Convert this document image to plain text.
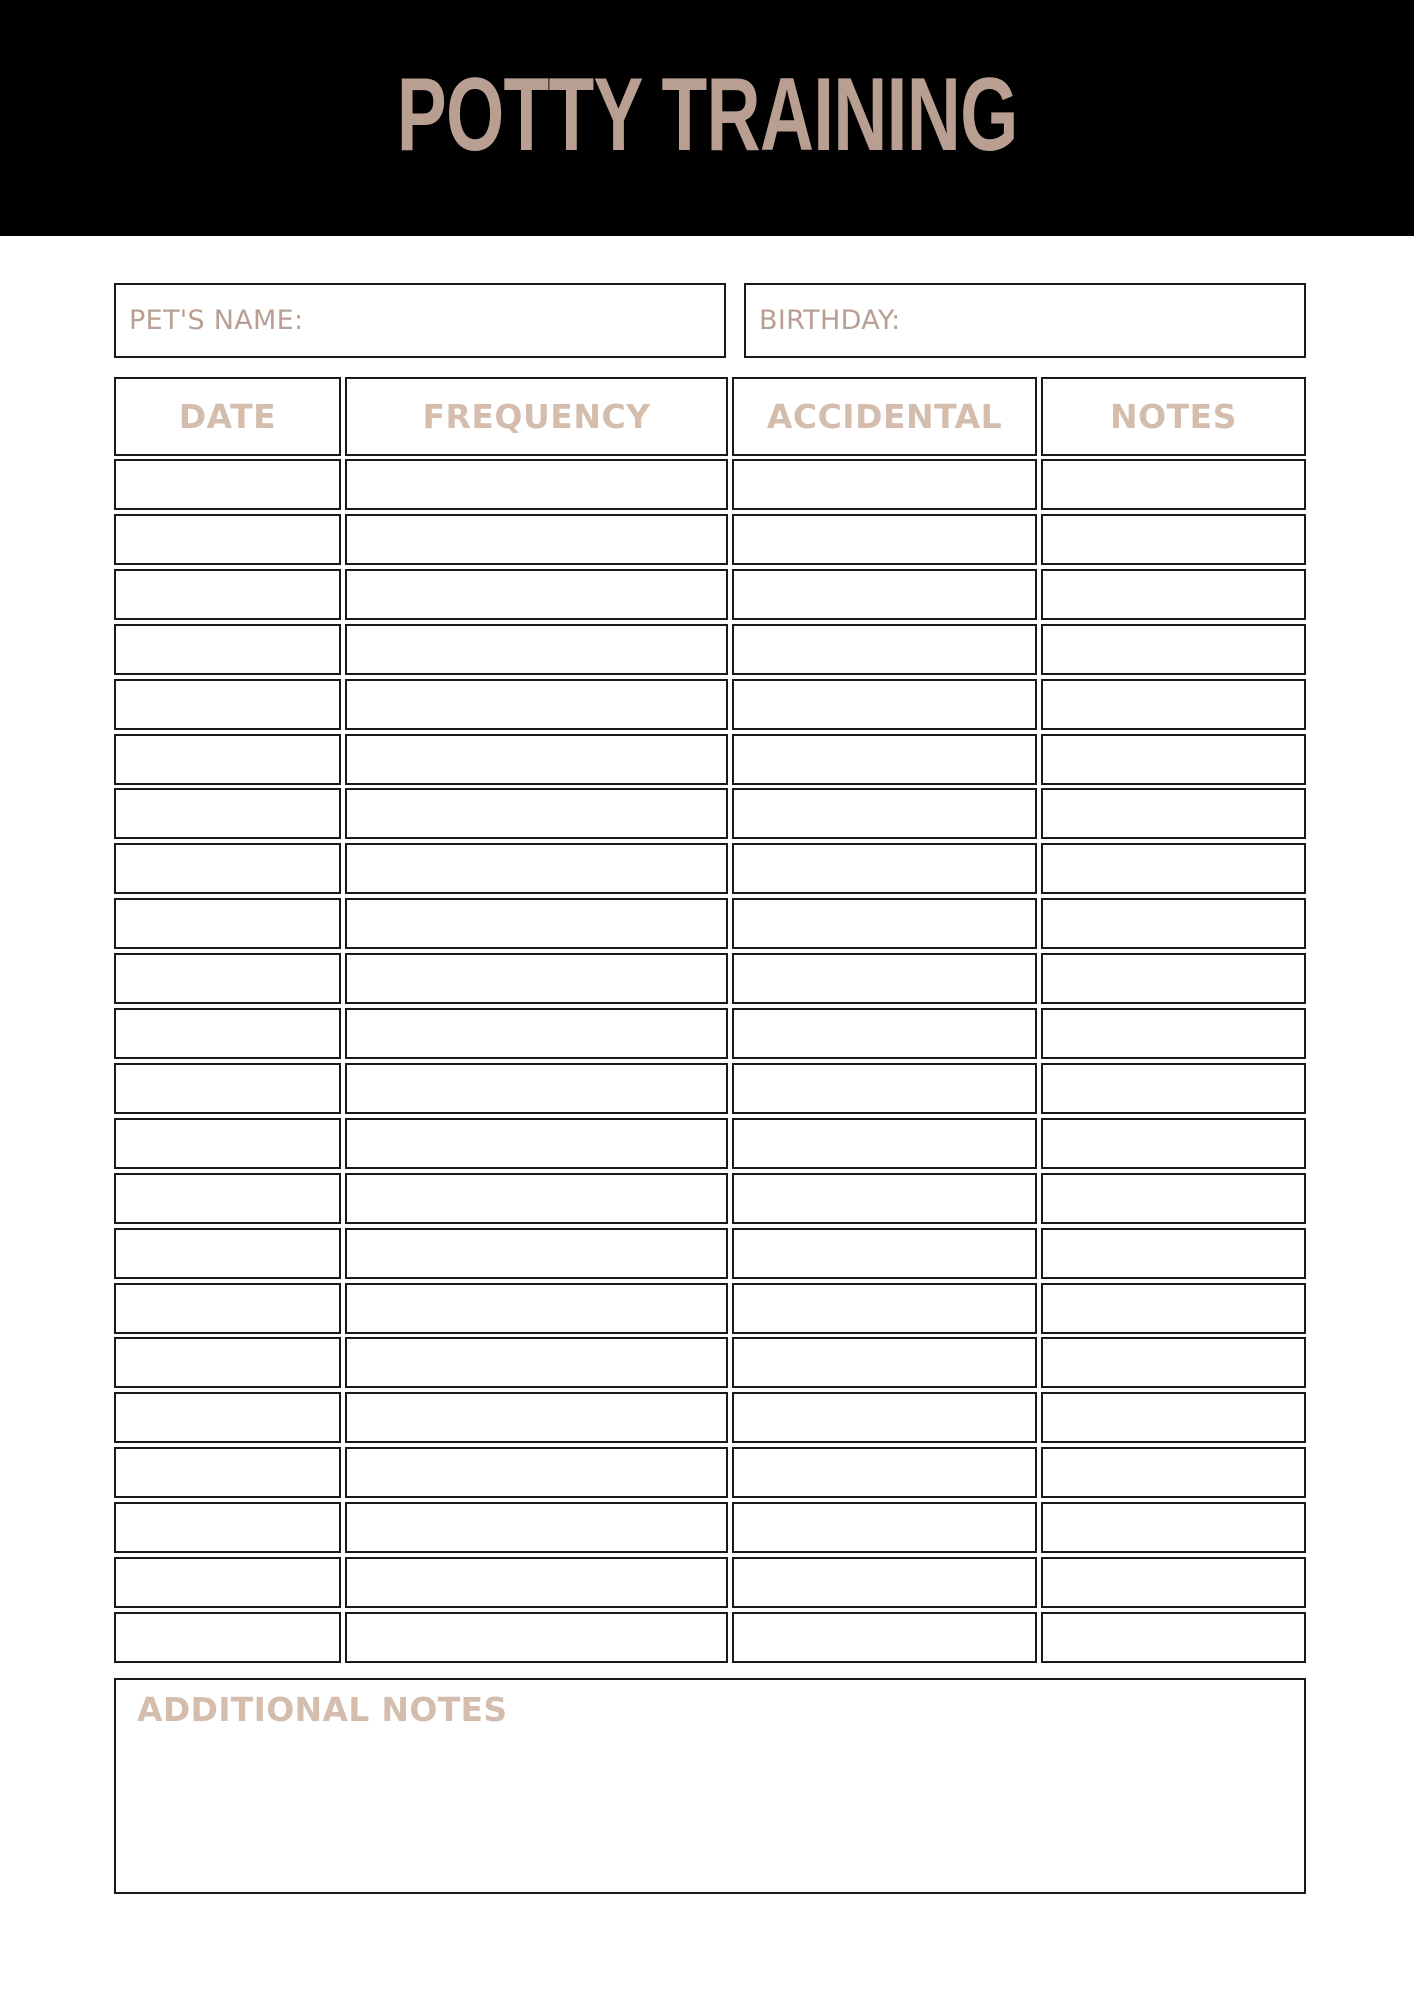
POTTY TRAINING
PET'S NAME:	BIRTHDAY:
DATE	FREQUENCY	ACCIDENTAL	NOTES
ADDITIONAL NOTES
